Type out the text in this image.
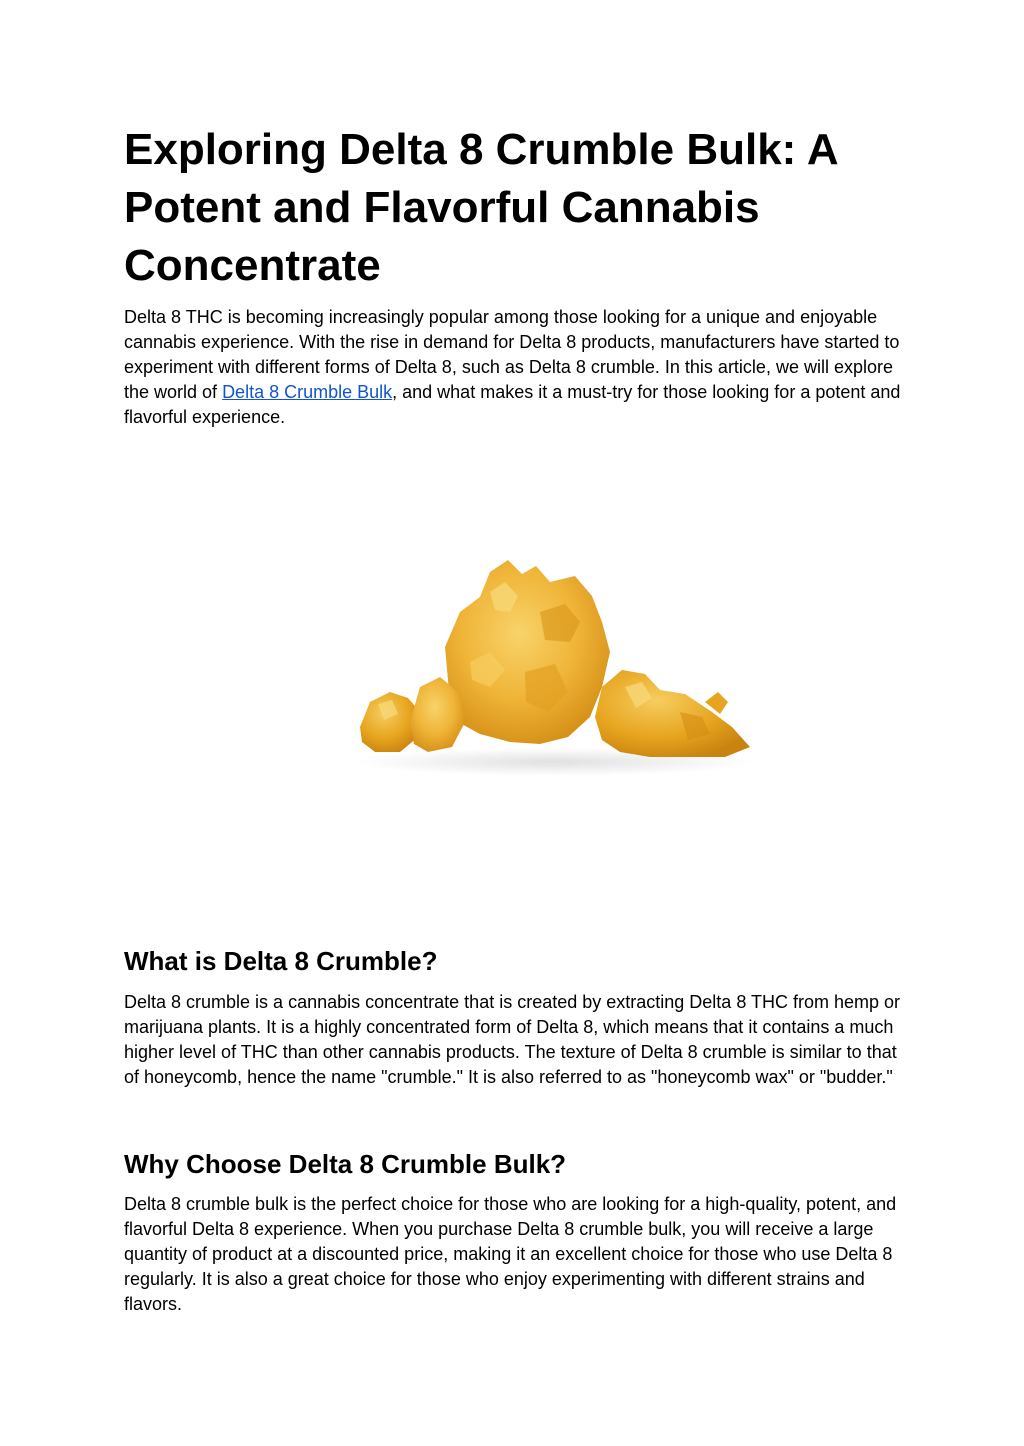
Exploring Delta 8 Crumble Bulk: A Potent and Flavorful Cannabis Concentrate

Delta 8 THC is becoming increasingly popular among those looking for a unique and enjoyable cannabis experience. With the rise in demand for Delta 8 products, manufacturers have started to experiment with different forms of Delta 8, such as Delta 8 crumble. In this article, we will explore the world of Delta 8 Crumble Bulk, and what makes it a must-try for those looking for a potent and flavorful experience.

What is Delta 8 Crumble?

Delta 8 crumble is a cannabis concentrate that is created by extracting Delta 8 THC from hemp or marijuana plants. It is a highly concentrated form of Delta 8, which means that it contains a much higher level of THC than other cannabis products. The texture of Delta 8 crumble is similar to that of honeycomb, hence the name "crumble." It is also referred to as "honeycomb wax" or "budder."

Why Choose Delta 8 Crumble Bulk?

Delta 8 crumble bulk is the perfect choice for those who are looking for a high-quality, potent, and flavorful Delta 8 experience. When you purchase Delta 8 crumble bulk, you will receive a large quantity of product at a discounted price, making it an excellent choice for those who use Delta 8 regularly. It is also a great choice for those who enjoy experimenting with different strains and flavors.
